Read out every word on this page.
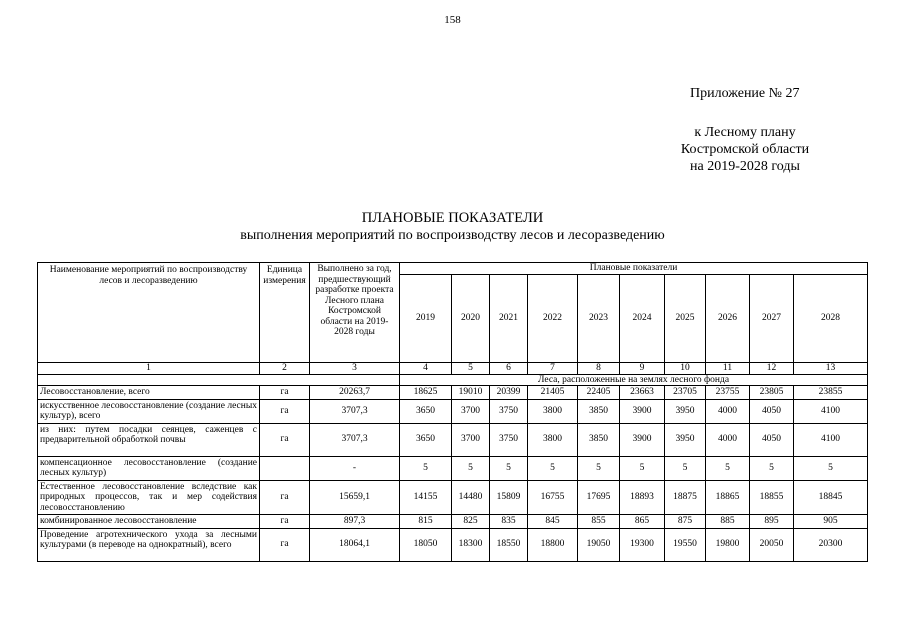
158
Приложение № 27
к Лесному плану
Костромской области
на 2019-2028 годы
ПЛАНОВЫЕ ПОКАЗАТЕЛИ
выполнения мероприятий по воспроизводству лесов и лесоразведению
Наименование мероприятий по воспроизводству лесов и лесоразведению	Единица измерения	Выполнено за год, предшествующий разработке проекта Лесного плана Костромской области на 2019-2028 годы	Плановые показатели									
			2019	2020	2021	2022	2023	2024	2025	2026	2027	2028
1	2	3	4	5	6	7	8	9	10	11	12	13
			Леса, расположенные на землях лесного фонда									
Лесовосстановление, всего	га	20263,7	18625	19010	20399	21405	22405	23663	23705	23755	23805	23855
искусственное лесовосстановление (создание лесных культур), всего	га	3707,3	3650	3700	3750	3800	3850	3900	3950	4000	4050	4100
из них: путем посадки сеянцев, саженцев с предварительной обработкой почвы	га	3707,3	3650	3700	3750	3800	3850	3900	3950	4000	4050	4100
компенсационное лесовосстановление (создание лесных культур)		-	5	5	5	5	5	5	5	5	5	5
Естественное лесовосстановление вследствие как природных процессов, так и мер содействия лесовосстановлению	га	15659,1	14155	14480	15809	16755	17695	18893	18875	18865	18855	18845
комбинированное лесовосстановление	га	897,3	815	825	835	845	855	865	875	885	895	905
Проведение агротехнического ухода за лесными культурами (в переводе на однократный), всего	га	18064,1	18050	18300	18550	18800	19050	19300	19550	19800	20050	20300
